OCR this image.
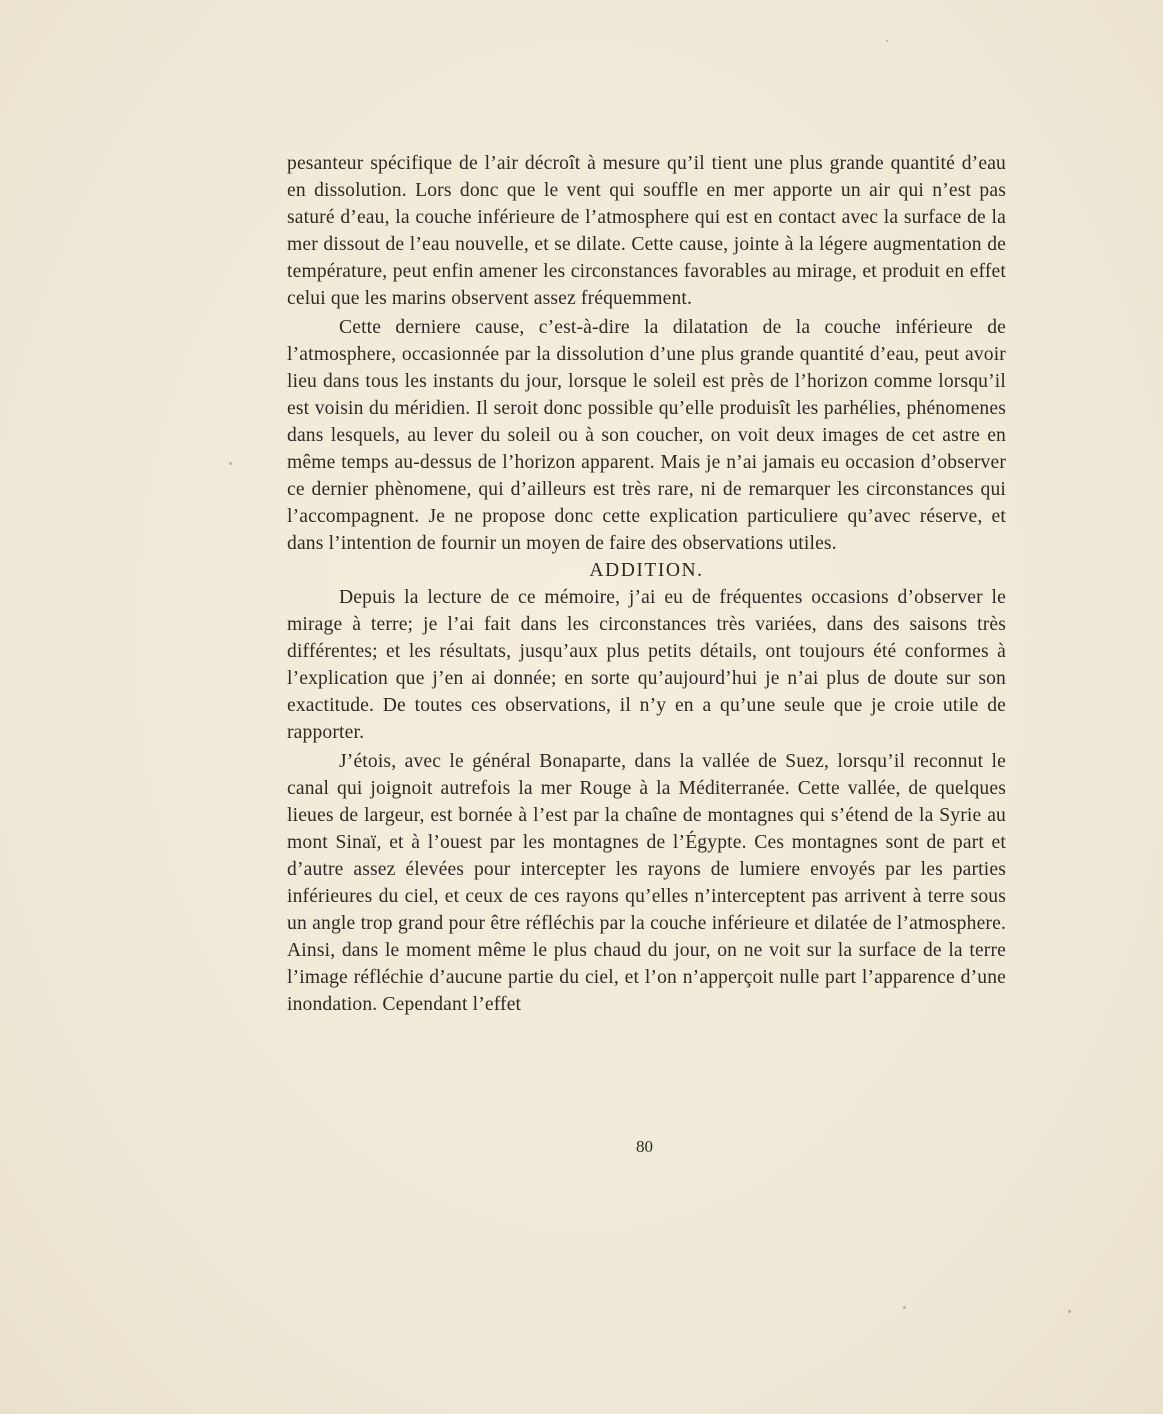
pesanteur spécifique de l’air décroît à mesure qu’il tient une plus grande quantité d’eau en dissolution. Lors donc que le vent qui souffle en mer apporte un air qui n’est pas saturé d’eau, la couche inférieure de l’atmosphere qui est en contact avec la surface de la mer dissout de l’eau nouvelle, et se dilate. Cette cause, jointe à la légere augmentation de température, peut enfin amener les circonstances favorables au mirage, et produit en effet celui que les marins observent assez fréquemment.

Cette derniere cause, c’est-à-dire la dilatation de la couche inférieure de l’atmosphere, occasionnée par la dissolution d’une plus grande quantité d’eau, peut avoir lieu dans tous les instants du jour, lorsque le soleil est près de l’horizon comme lorsqu’il est voisin du méridien. Il seroit donc possible qu’elle produisît les parhélies, phénomenes dans lesquels, au lever du soleil ou à son coucher, on voit deux images de cet astre en même temps au-dessus de l’horizon apparent. Mais je n’ai jamais eu occasion d’observer ce dernier phènomene, qui d’ailleurs est très rare, ni de remarquer les circonstances qui l’accompagnent. Je ne propose donc cette explication particuliere qu’avec réserve, et dans l’intention de fournir un moyen de faire des observations utiles.

ADDITION.

Depuis la lecture de ce mémoire, j’ai eu de fréquentes occasions d’observer le mirage à terre; je l’ai fait dans les circonstances très variées, dans des saisons très différentes; et les résultats, jusqu’aux plus petits détails, ont toujours été conformes à l’explication que j’en ai donnée; en sorte qu’aujourd’hui je n’ai plus de doute sur son exactitude. De toutes ces observations, il n’y en a qu’une seule que je croie utile de rapporter.

J’étois, avec le général Bonaparte, dans la vallée de Suez, lorsqu’il reconnut le canal qui joignoit autrefois la mer Rouge à la Méditerranée. Cette vallée, de quelques lieues de largeur, est bornée à l’est par la chaîne de montagnes qui s’étend de la Syrie au mont Sinaï, et à l’ouest par les montagnes de l’Égypte. Ces montagnes sont de part et d’autre assez élevées pour intercepter les rayons de lumiere envoyés par les parties inférieures du ciel, et ceux de ces rayons qu’elles n’interceptent pas arrivent à terre sous un angle trop grand pour être réfléchis par la couche inférieure et dilatée de l’atmosphere. Ainsi, dans le moment même le plus chaud du jour, on ne voit sur la surface de la terre l’image réfléchie d’aucune partie du ciel, et l’on n’apperçoit nulle part l’apparence d’une inondation. Cependant l’effet

80
